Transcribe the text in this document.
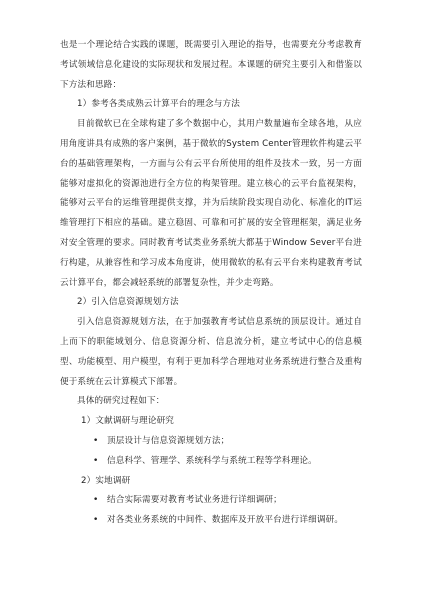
也是一个理论结合实践的课题，既需要引入理论的指导，也需要充分考虑教育考试领域信息化建设的实际现状和发展过程。本课题的研究主要引入和借鉴以下方法和思路：

1）参考各类成熟云计算平台的理念与方法

目前微软已在全球构建了多个数据中心，其用户数量遍布全球各地，从应用角度讲具有成熟的客户案例，基于微软的System Center管理软件构建云平台的基础管理架构，一方面与公有云平台所使用的组件及技术一致，另一方面能够对虚拟化的资源池进行全方位的构架管理。建立核心的云平台监视架构，能够对云平台的运维管理提供支撑，并为后续阶段实现自动化、标准化的IT运维管理打下相应的基础。建立稳固、可靠和可扩展的安全管理框架，满足业务对安全管理的要求。同时教育考试类业务系统大都基于Window Sever平台进行构建，从兼容性和学习成本角度讲，使用微软的私有云平台来构建教育考试云计算平台，都会减轻系统的部署复杂性，并少走弯路。

2）引入信息资源规划方法

引入信息资源规划方法，在于加强教育考试信息系统的顶层设计。通过自上而下的职能域划分、信息资源分析、信息流分析，建立考试中心的信息模型、功能模型、用户模型，有利于更加科学合理地对业务系统进行整合及重构便于系统在云计算模式下部署。

具体的研究过程如下：

1）文献调研与理论研究

• 顶层设计与信息资源规划方法；

• 信息科学、管理学、系统科学与系统工程等学科理论。

2）实地调研

• 结合实际需要对教育考试业务进行详细调研；

• 对各类业务系统的中间件、数据库及开放平台进行详细调研。
